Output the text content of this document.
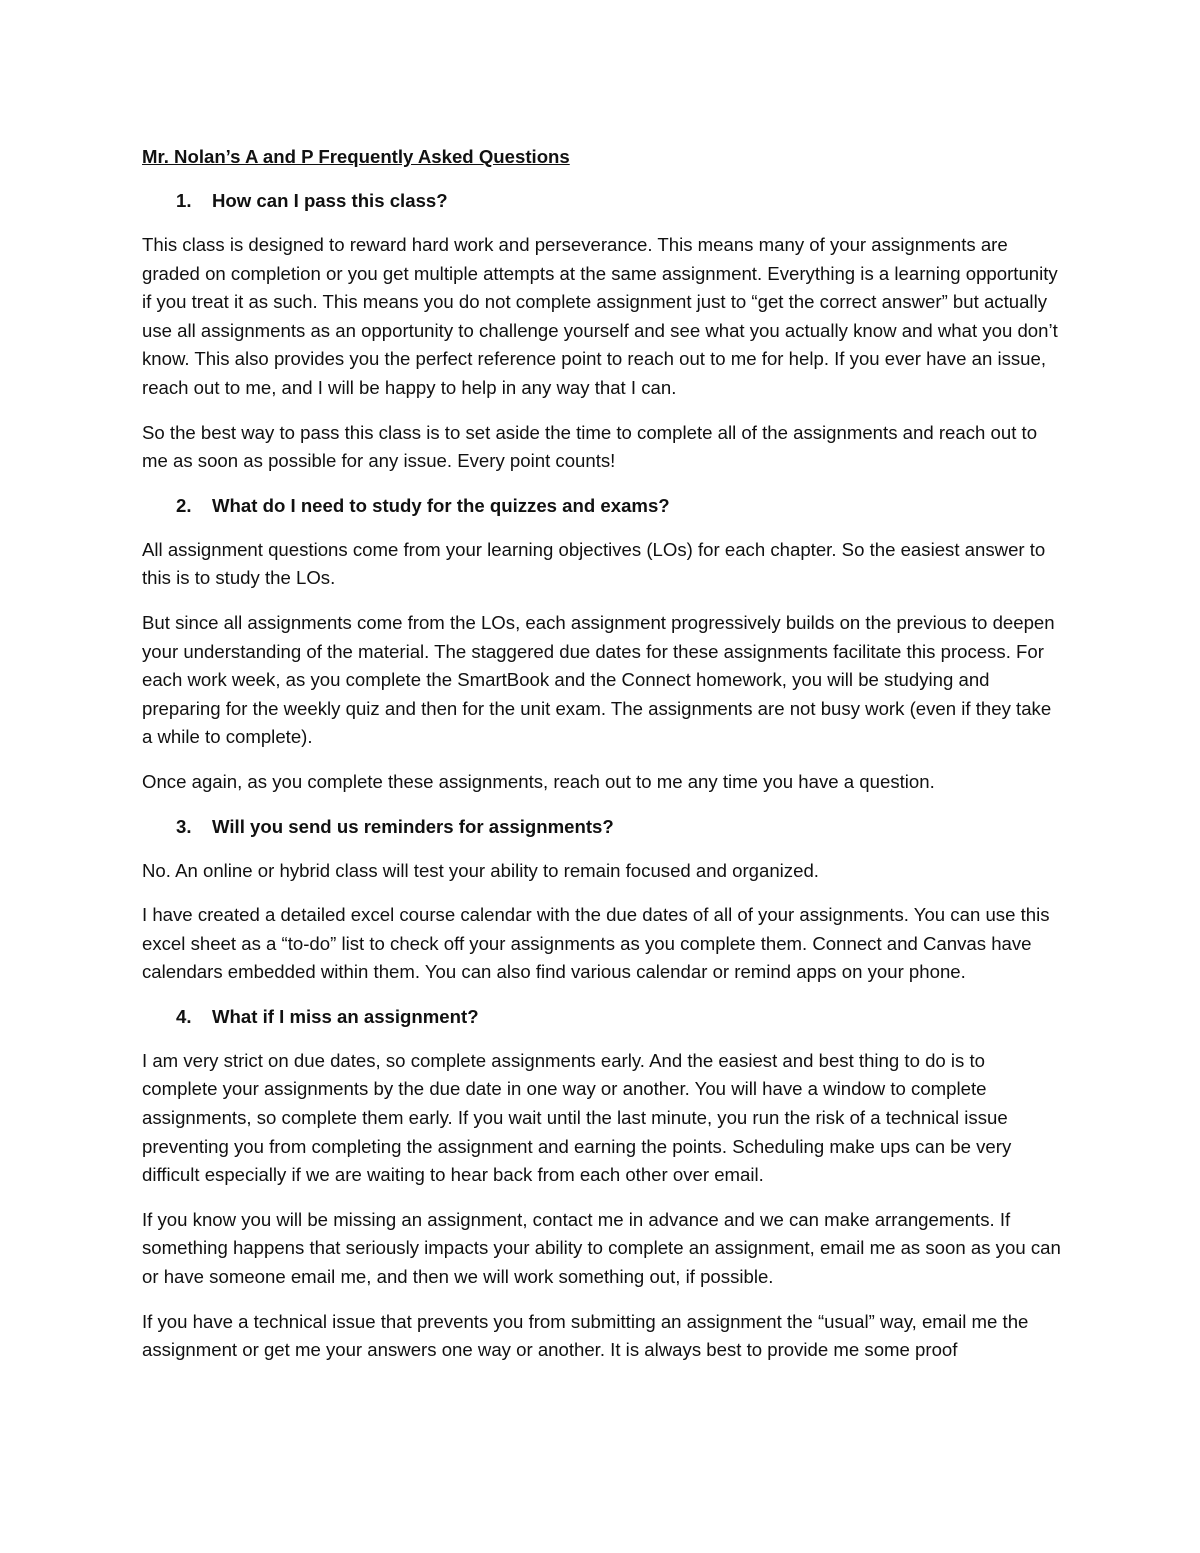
Mr. Nolan’s A and P Frequently Asked Questions
1.	How can I pass this class?

This class is designed to reward hard work and perseverance. This means many of your assignments are graded on completion or you get multiple attempts at the same assignment. Everything is a learning opportunity if you treat it as such. This means you do not complete assignment just to “get the correct answer” but actually use all assignments as an opportunity to challenge yourself and see what you actually know and what you don’t know. This also provides you the perfect reference point to reach out to me for help. If you ever have an issue, reach out to me, and I will be happy to help in any way that I can.

So the best way to pass this class is to set aside the time to complete all of the assignments and reach out to me as soon as possible for any issue. Every point counts!

2.	What do I need to study for the quizzes and exams?

All assignment questions come from your learning objectives (LOs) for each chapter. So the easiest answer to this is to study the LOs.

But since all assignments come from the LOs, each assignment progressively builds on the previous to deepen your understanding of the material. The staggered due dates for these assignments facilitate this process. For each work week, as you complete the SmartBook and the Connect homework, you will be studying and preparing for the weekly quiz and then for the unit exam. The assignments are not busy work (even if they take a while to complete).

Once again, as you complete these assignments, reach out to me any time you have a question.

3.	Will you send us reminders for assignments?

No. An online or hybrid class will test your ability to remain focused and organized.

I have created a detailed excel course calendar with the due dates of all of your assignments. You can use this excel sheet as a “to-do” list to check off your assignments as you complete them. Connect and Canvas have calendars embedded within them. You can also find various calendar or remind apps on your phone.

4.	What if I miss an assignment?

I am very strict on due dates, so complete assignments early. And the easiest and best thing to do is to complete your assignments by the due date in one way or another. You will have a window to complete assignments, so complete them early. If you wait until the last minute, you run the risk of a technical issue preventing you from completing the assignment and earning the points. Scheduling make ups can be very difficult especially if we are waiting to hear back from each other over email.

If you know you will be missing an assignment, contact me in advance and we can make arrangements. If something happens that seriously impacts your ability to complete an assignment, email me as soon as you can or have someone email me, and then we will work something out, if possible.

If you have a technical issue that prevents you from submitting an assignment the “usual” way, email me the assignment or get me your answers one way or another. It is always best to provide me some proof
